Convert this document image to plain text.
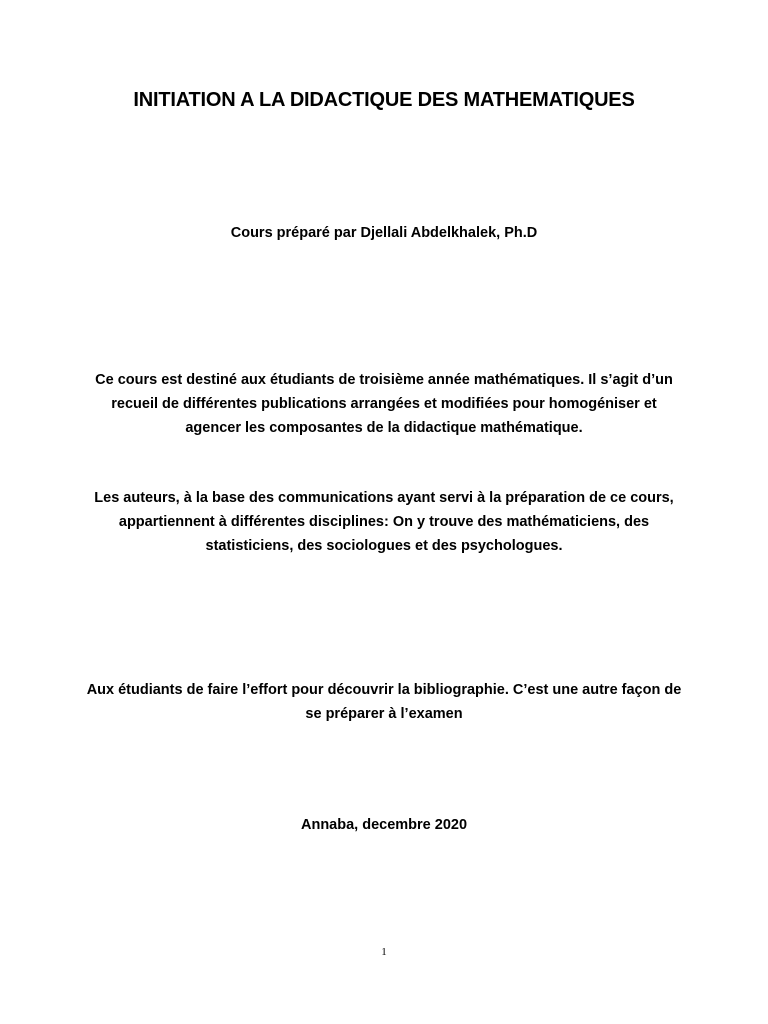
INITIATION A LA DIDACTIQUE DES MATHEMATIQUES

Cours préparé par Djellali Abdelkhalek, Ph.D

Ce cours est destiné aux étudiants de troisième année mathématiques. Il s’agit d’un recueil de différentes publications arrangées et modifiées pour homogéniser et agencer les composantes de la didactique mathématique.

Les auteurs, à la base des communications ayant servi à la préparation de ce cours, appartiennent à différentes disciplines: On y trouve des mathématiciens, des statisticiens, des sociologues et des psychologues.

Aux étudiants de faire l’effort pour découvrir la bibliographie. C’est une autre façon de se préparer à l’examen

Annaba, decembre 2020

1
